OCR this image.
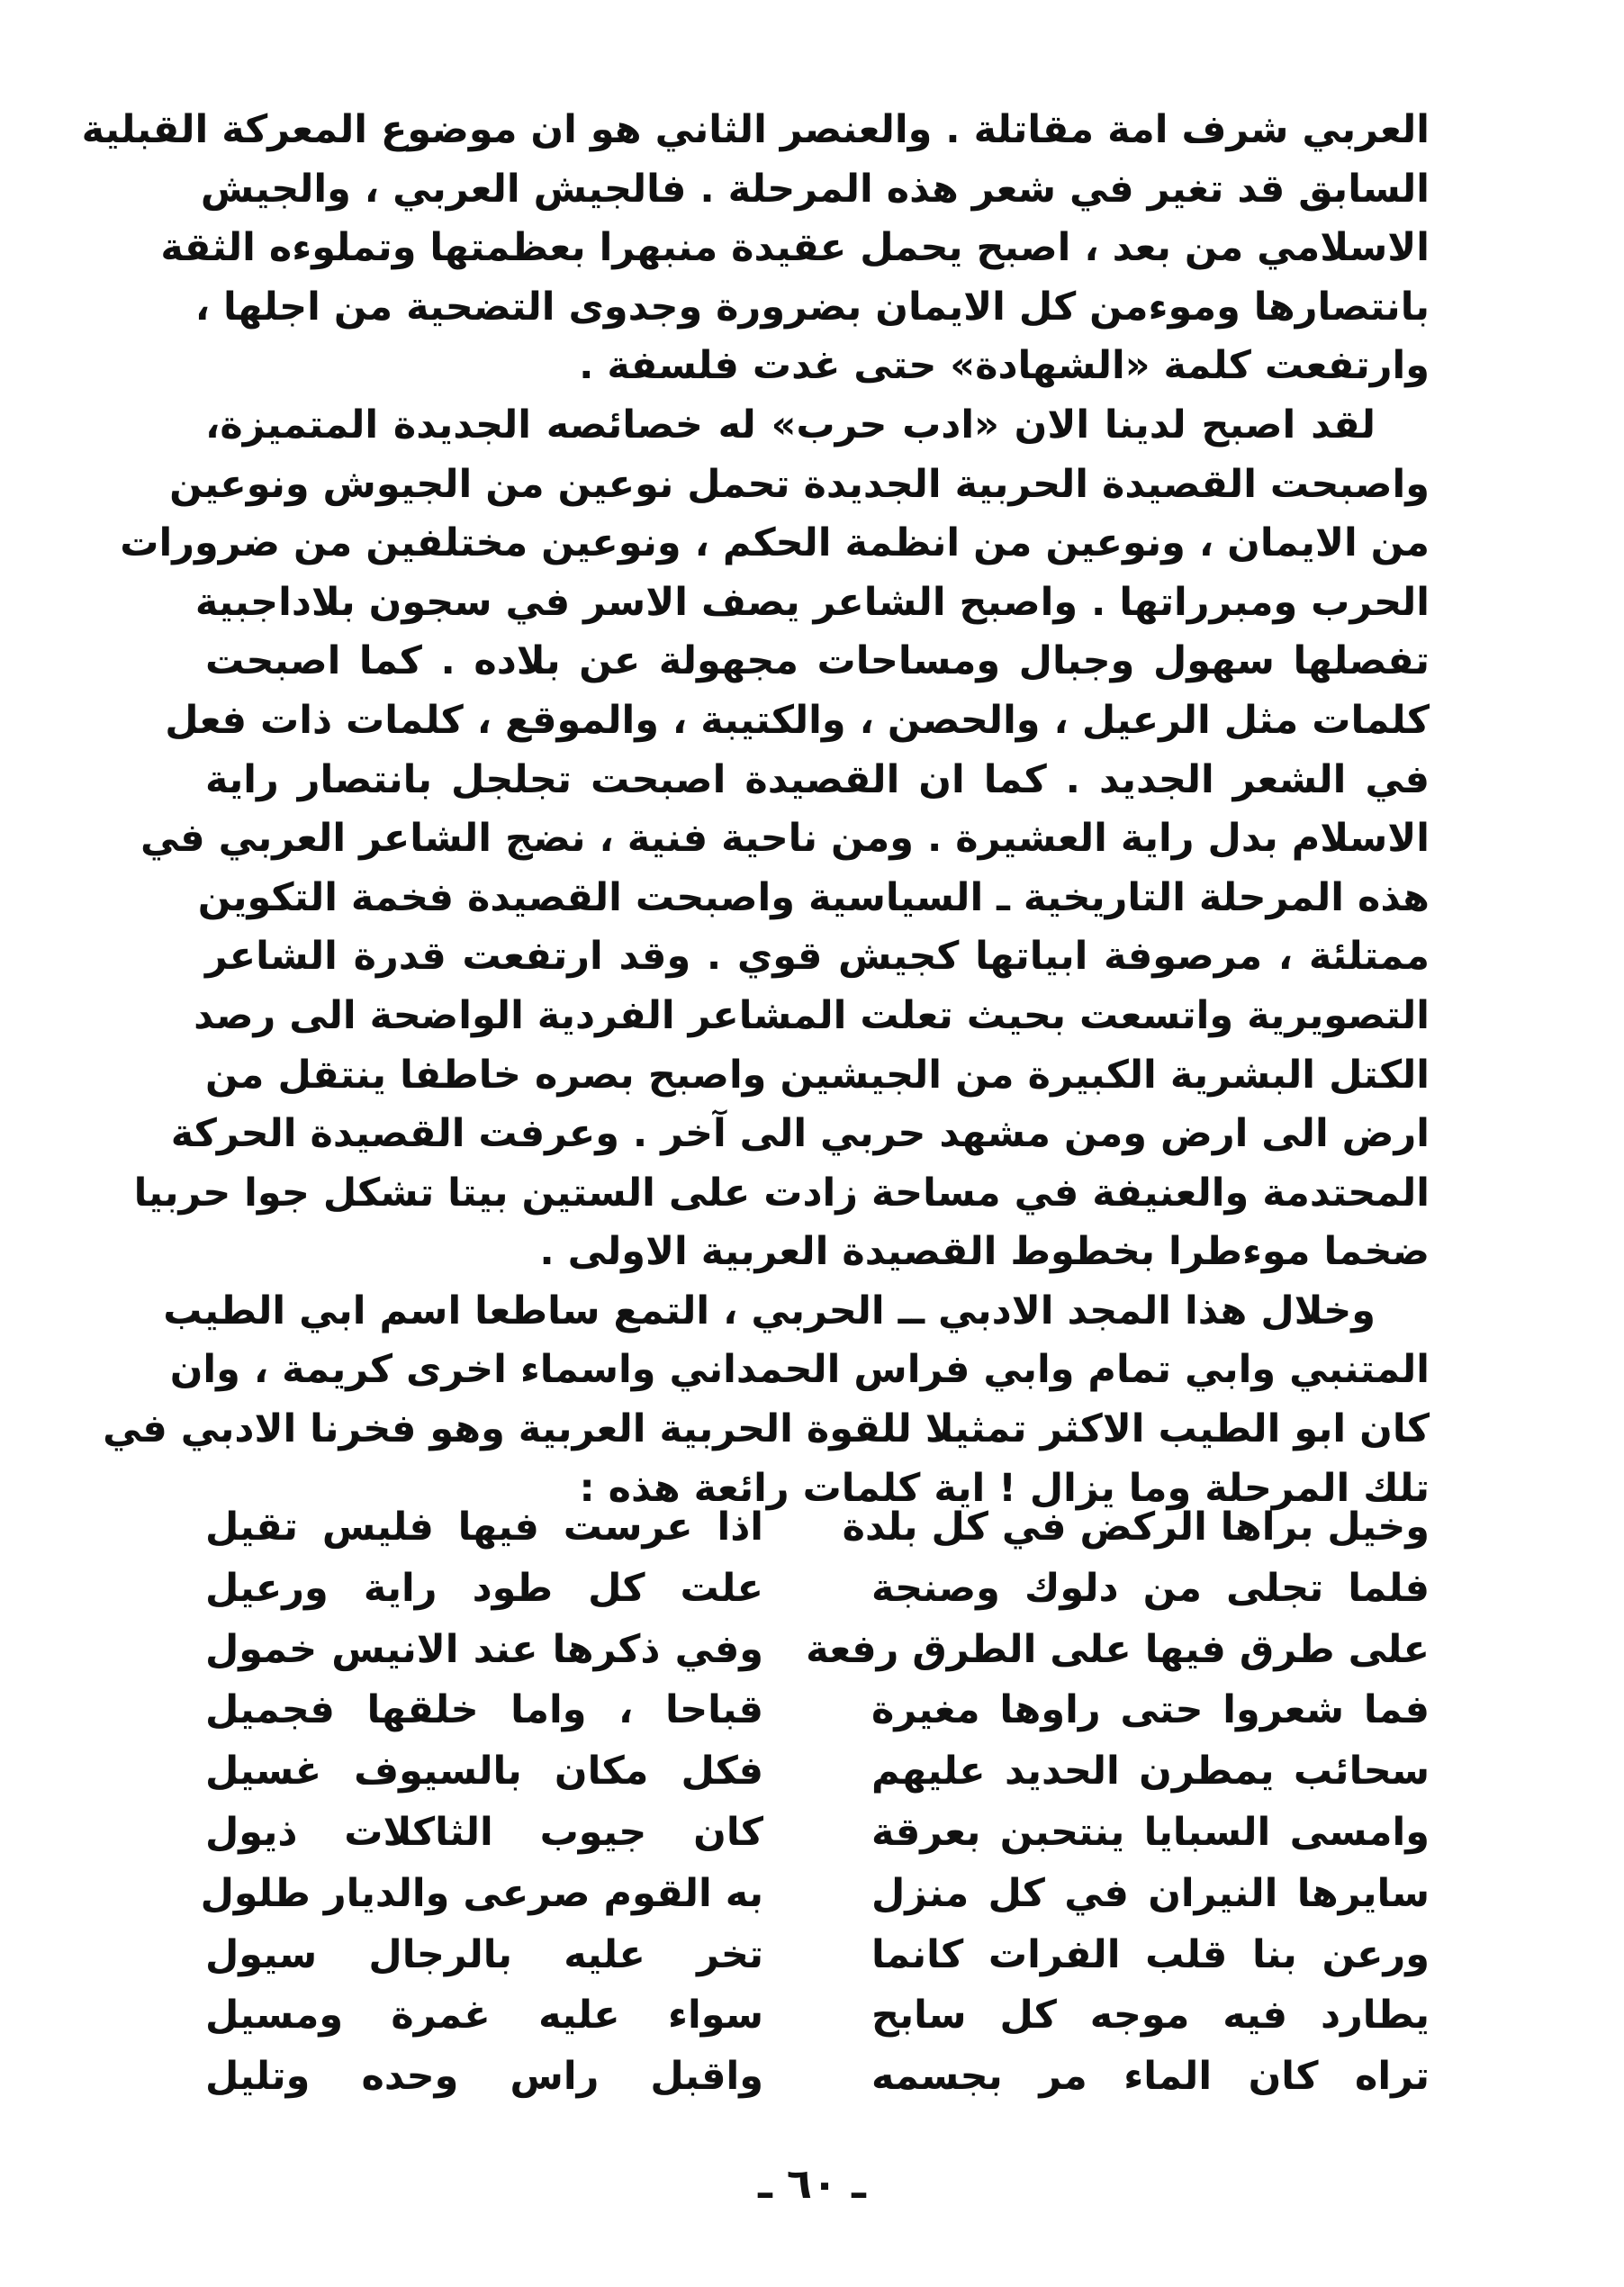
العربي شرف امة مقاتلة . والعنصر الثاني هو ان موضوع المعركة القبلية
السابق قد تغير في شعر هذه المرحلة . فالجيش العربي ، والجيش
الاسلامي من بعد ، اصبح يحمل عقيدة منبهرا بعظمتها وتملوءه الثقة
بانتصارها وموءمن كل الايمان بضرورة وجدوى التضحية من اجلها ،
وارتفعت كلمة «الشهادة» حتى غدت فلسفة .
لقد اصبح لدينا الان «ادب حرب» له خصائصه الجديدة المتميزة،
واصبحت القصيدة الحربية الجديدة تحمل نوعين من الجيوش ونوعين
من الايمان ، ونوعين من انظمة الحكم ، ونوعين مختلفين من ضرورات
الحرب ومبرراتها . واصبح الشاعر يصف الاسر في سجون بلاداجبية
تفصلها سهول وجبال ومساحات مجهولة عن بلاده . كما اصبحت
كلمات مثل الرعيل ، والحصن ، والكتيبة ، والموقع ، كلمات ذات فعل
في الشعر الجديد . كما ان القصيدة اصبحت تجلجل بانتصار راية
الاسلام بدل راية العشيرة . ومن ناحية فنية ، نضج الشاعر العربي في
هذه المرحلة التاريخية ـ السياسية واصبحت القصيدة فخمة التكوين
ممتلئة ، مرصوفة ابياتها كجيش قوي . وقد ارتفعت قدرة الشاعر
التصويرية واتسعت بحيث تعلت المشاعر الفردية الواضحة الى رصد
الكتل البشرية الكبيرة من الجيشين واصبح بصره خاطفا ينتقل من
ارض الى ارض ومن مشهد حربي الى آخر . وعرفت القصيدة الحركة
المحتدمة والعنيفة في مساحة زادت على الستين بيتا تشكل جوا حربيا
ضخما موءطرا بخطوط القصيدة العربية الاولى .
وخلال هذا المجد الادبي ــ الحربي ، التمع ساطعا اسم ابي الطيب
المتنبي وابي تمام وابي فراس الحمداني واسماء اخرى كريمة ، وان
كان ابو الطيب الاكثر تمثيلا للقوة الحربية العربية وهو فخرنا الادبي في
تلك المرحلة وما يزال ! اية كلمات رائعة هذه :
وخيل براها الركض في كل بلدة
فلما تجلى من دلوك وصنجة
على طرق فيها على الطرق رفعة
فما شعروا حتى راوها مغيرة
سحائب يمطرن الحديد عليهم
وامسى السبايا ينتحبن بعرقة
سايرها النيران في كل منزل
ورعن بنا قلب الفرات كانما
يطارد فيه موجه كل سابح
تراه كان الماء مر بجسمه
اذا عرست فيها فليس تقيل
علت كل طود راية ورعيل
وفي ذكرها عند الانيس خمول
قباحا ، واما خلقها فجميل
فكل مكان بالسيوف غسيل
كان جيوب الثاكلات ذيول
به القوم صرعى والديار طلول
تخر عليه بالرجال سيول
سواء عليه غمرة ومسيل
واقبل راس وحده وتليل
ـ ٦٠ ـ
